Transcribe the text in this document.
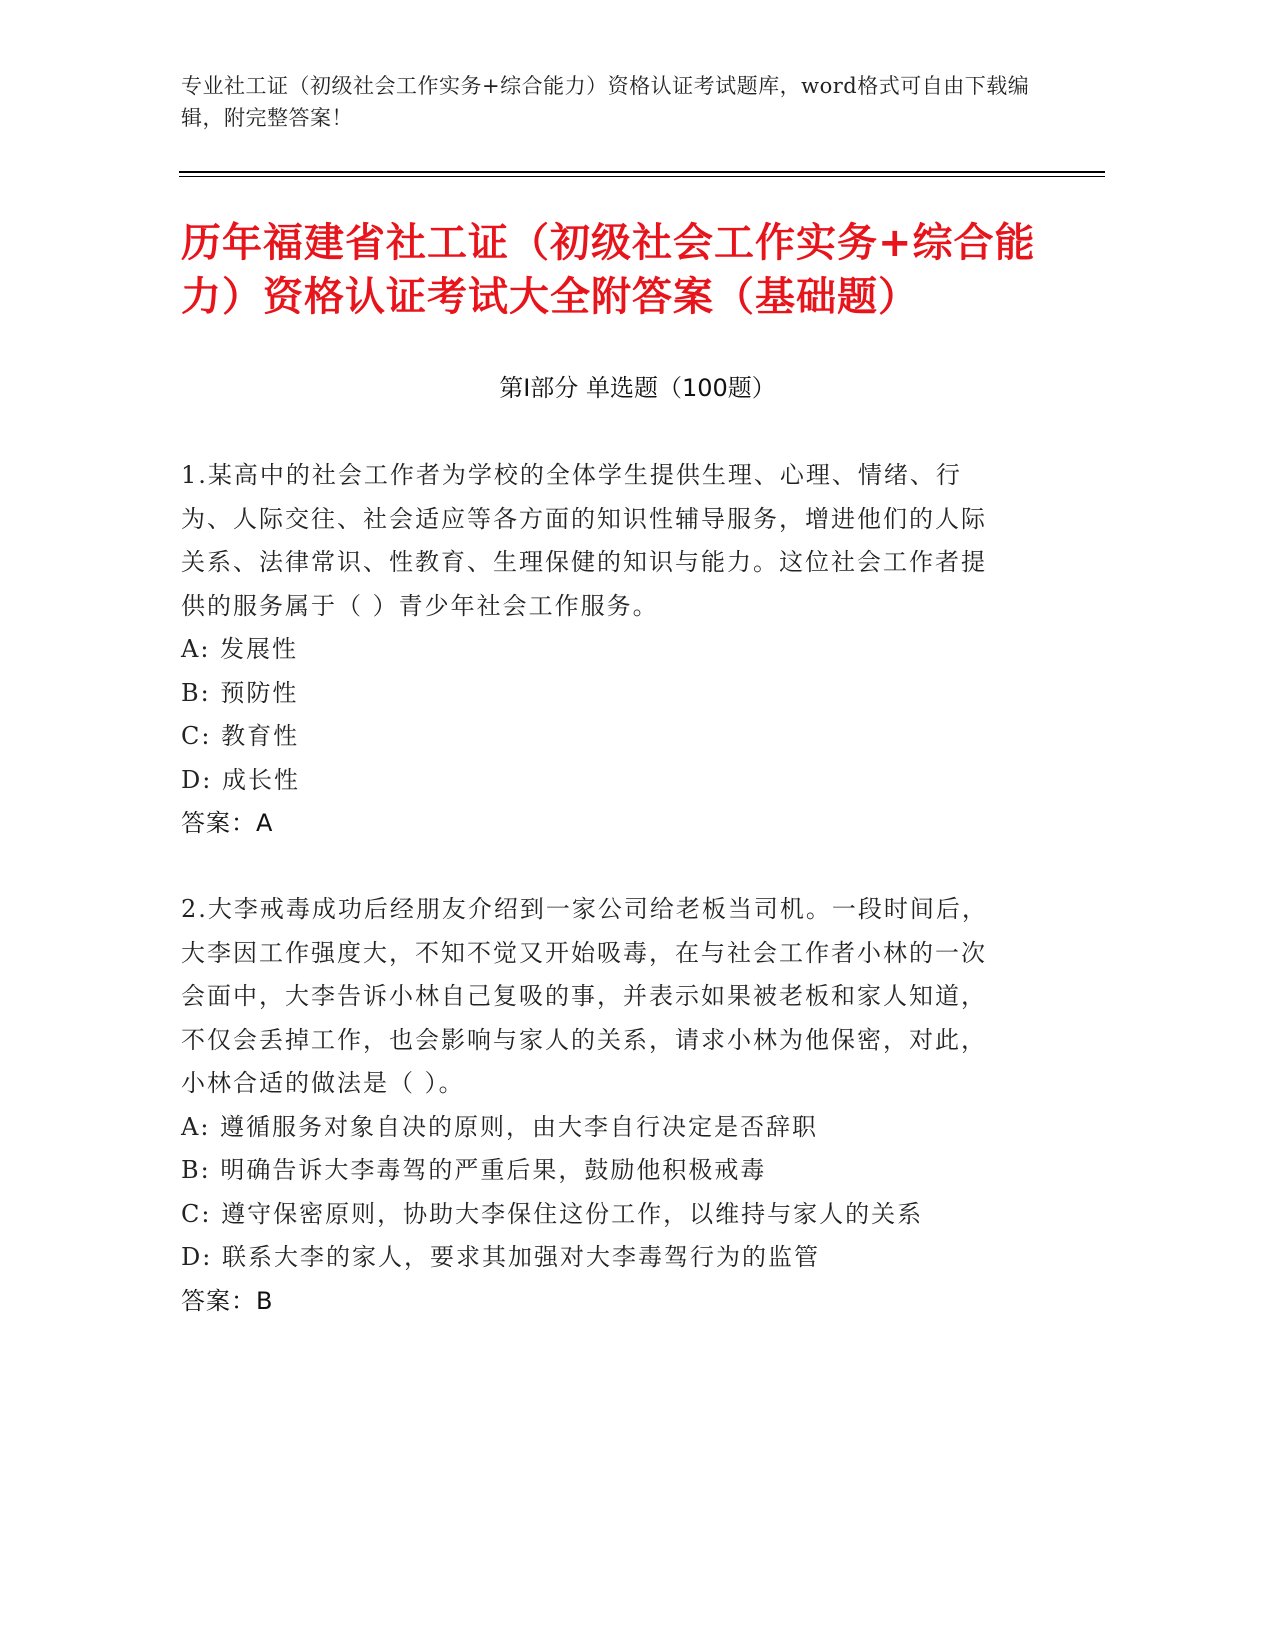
专业社工证（初级社会工作实务+综合能力）资格认证考试题库，word格式可自由下载编辑，附完整答案！
历年福建省社工证（初级社会工作实务+综合能力）资格认证考试大全附答案（基础题）
第Ⅰ部分 单选题（100题）
1.某高中的社会工作者为学校的全体学生提供生理、心理、情绪、行为、人际交往、社会适应等各方面的知识性辅导服务，增进他们的人际关系、法律常识、性教育、生理保健的知识与能力。这位社会工作者提供的服务属于（ ）青少年社会工作服务。
A: 发展性
B: 预防性
C: 教育性
D: 成长性
答案：A
2.大李戒毒成功后经朋友介绍到一家公司给老板当司机。一段时间后，大李因工作强度大，不知不觉又开始吸毒，在与社会工作者小林的一次会面中，大李告诉小林自己复吸的事，并表示如果被老板和家人知道，不仅会丢掉工作，也会影响与家人的关系，请求小林为他保密，对此，小林合适的做法是（ ）。
A: 遵循服务对象自决的原则，由大李自行决定是否辞职
B: 明确告诉大李毒驾的严重后果，鼓励他积极戒毒
C: 遵守保密原则，协助大李保住这份工作，以维持与家人的关系
D: 联系大李的家人，要求其加强对大李毒驾行为的监管
答案：B
